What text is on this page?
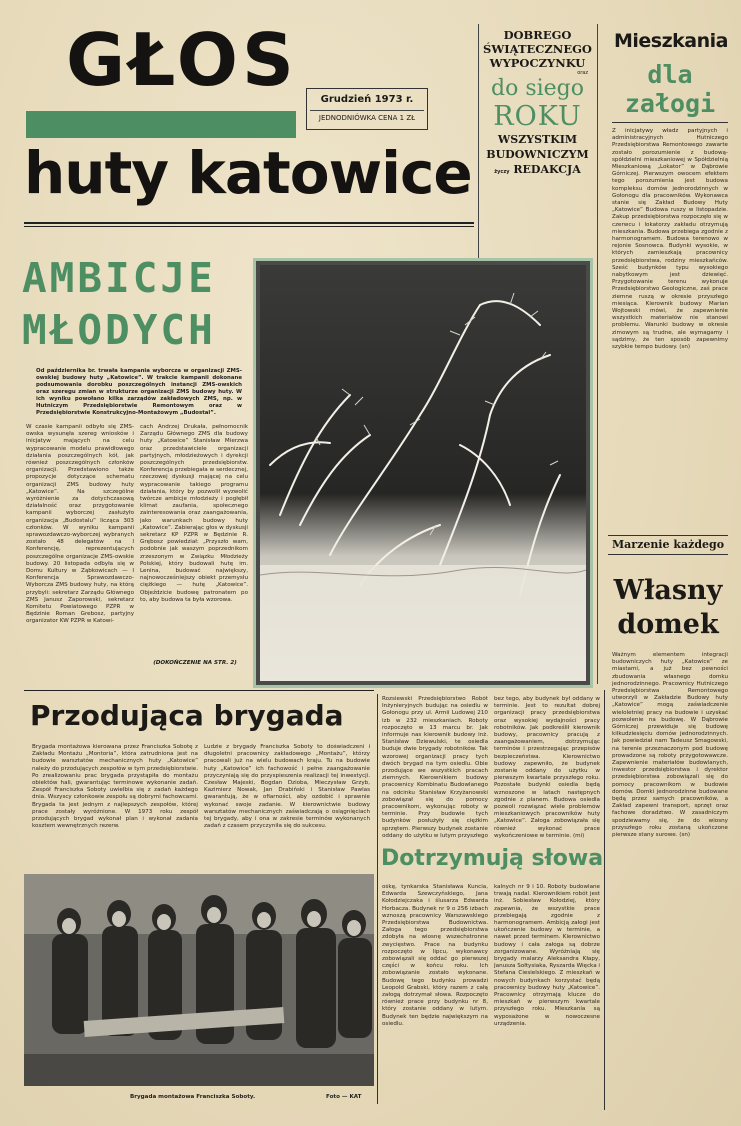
GŁOS	Grudzień 1973 r.
JEDNODNIÓWKA CENA 1 ZŁ
huty katowice
DOBREGO
ŚWIĄTECZNEGO
WYPOCZYNKU
oraz
do siego
ROKU
WSZYSTKIM
BUDOWNICZYM
życzy REDAKCJA
Mieszkania
dla
załogi
Z inicjatywy władz partyjnych i administracyjnych Hutniczego Przedsiębiorstwa Remontowego zawarte zostało porozumienie z budową-spółdzielni mieszkaniowej w Spółdzielnią Mieszkaniową „Lokator” w Dąbrowie Górniczej. Pierwszym owocem efektem tego porozumienia jest budowa kompleksu domów jednorodzinnych w Gołonogu dla pracowników. Wykonawca stanie się Zakład Budowy Huty „Katowice” Budowa ruszy w listopadzie. Zakup przedsiębiorstwa rozpoczęło się w czerwcu i lokatorzy zakładu otrzymują mieszkania. Budowa przebiega zgodnie z harmonogramem. Budowa terenowo w rejonie Sosnowca. Budynki wysokie, w których zamieszkają pracownicy przedsiębiorstwa, rodziny mieszkańców. Sześć budynków typu wysokiego nabytkowym jest dziewięć. Przygotowanie terenu wykonuje Przedsiębiorstwo Geologiczne, zaś prace ziemne ruszą w okresie przyszłego miesiąca. Kierownik budowy Marian Wojtowski mówi, że zapewnienie wszystkich materiałów nie stanowi problemu. Warunki budowy w okresie zimowym są trudne, ale wymagamy i sądzimy, że ten sposób zapewnimy szybkie tempo budowy. (sn)
Marzenie każdego
Własny
domek
Ważnym elementem integracji budowniczych huty „Katowice” ze miastami, a już bez pewności zbudowania własnego domku jednorodzinnego. Pracownicy Hutniczego Przedsiębiorstwa Remontowego utworzyli w Zakładzie Budowy huty „Katowice” mogą zaświadczenie wieloletniej pracy na budowie i uzyskać pozwolenie na budowę. W Dąbrowie Górniczej przewiduje się budowę kilkudziesięciu domów jednorodzinnych. Jak powiedział nam Tadeusz Smagowski, na terenie przeznaczonym pod budowę prowadzone są roboty przygotowawcze. Zapewnienie materiałów budowlanych, inwestor przedsiębiorstwa i dyrektor przedsiębiorstwa zobowiązali się do pomocy pracownikom w budowie domów. Domki jednorodzinne budowane będą przez samych pracowników, a Zakład zapewni transport, sprzęt oraz fachowe doradztwo. W zasadniczym spodziewamy się, że do wiosny przyszłego roku zostaną ukończone pierwsze stany surowe. (sn)
AMBICJE
MŁODYCH
Od października br. trwała kampania wyborcza w organizacji ZMS-owskiej budowy huty „Katowice”. W trakcie kampanii dokonane podsumowania dorobku poszczególnych instancji ZMS-owskich oraz szeregu zmian w strukturze organizacji ZMS budowy huty. W ich wyniku powołano kilka zarządów zakładowych ZMS, np. w Hutniczym Przedsiębiorstwie Remontowym oraz w Przedsiębiorstwie Konstrukcyjno-Montażowym „Budostal”.
W czasie kampanii odbyło się ZMS-owska wysunęła szereg wniosków i inicjatyw mających na celu wypracowanie modelu prawidłowego działania poszczególnych kół, jak również poszczególnych członków organizacji. Przedstawiono także propozycje dotyczące schematu organizacji ZMS budowy huty „Katowice”. Na szczególne wyróżnienie za dotychczasową działalność oraz przygotowanie kampanii wyborczej zasłużyło organizacja „Budostalu” licząca 303 członków. W wyniku kampanii sprawozdawczo-wyborczej wybranych zostało 48 delegatów na I Konferencję, reprezentujących poszczególne organizacje ZMS-owskie budowy. 20 listopada odbyła się w Domu Kultury w Ząbkowicach — I Konferencja Sprawozdawczo-Wyborcza ZMS budowy huty, na którą przybyli: sekretarz Zarządu Głównego ZMS Janusz Zaporowski, sekretarz Komitetu Powiatowego PZPR w Będzinie Roman Grebosz, partyjny organizator KW PZPR w Katowi-
cach Andrzej Drukała, pełnomocnik Zarządu Głównego ZMS dla budowy huty „Katowice” Stanisław Mierzwa oraz przedstawiciele organizacji partyjnych, młodzieżowych i dyrekcji poszczególnych przedsiębiorstw. Konferencja przebiegała w serdecznej, rzeczowej dyskusji mającej na celu wypracowanie takiego programu działania, który by pozwolił wyzwolić twórcze ambicje młodzieży i pogłębił klimat zaufania, społecznego zainteresowania oraz zaangażowania, jako warunkach budowy huty „Katowice”. Zabierając głos w dyskusji sekretarz KP PZPR w Będzinie R. Grębosz powiedział: „Przyszło wam, podobnie jak waszym poprzednikom zrzeszonym w Związku Młodzieży Polskiej, który budowali hutę im. Lenina, budować największy, najnowocześniejszy obiekt przemysłu ciężkiego — hutę „Katowice”. Objeździcie budowę patronatem po to, aby budowa ta była wzorowa.
(DOKOŃCZENIE NA STR. 2)
Przodująca brygada
Brygada montażowa kierowana przez Franciszka Sobotę z Zakładu Montażu „Montoria”, która zatrudniona jest na budowie warsztatów mechanicznych huty „Katowice” należy do przodujących zespołów w tym przedsiębiorstwie. Po zrealizowaniu prac brygada przystąpiła do montażu obiektów hali, gwarantując terminowe wykonanie zadań. Zespół Franciszka Soboty uwielbia się z zadań każdego dnia. Wszyscy członkowie zespołu są dobrymi fachowcami. Brygada ta jest jednym z najlepszych zespołów, której prace zostały wyróżnione. W 1973 roku zespół przodujących brygad wykonał plan i wykonał zadania kosztem wewnętrznych rezerw.
Ludzie z brygady Franciszka Soboty to doświadczeni i długoletni pracownicy zakładowego „Montażu”, którzy pracowali już na wielu budowach kraju. Tu na budowie huty „Katowice” ich fachowość i pełne zaangażowanie przyczyniają się do przyspieszenia realizacji tej inwestycji. Czesław Majeski, Bogdan Dzioba, Mieczysław Grzyb, Kazimierz Nowak, Jan Drabiński i Stanisław Pawlas gwarantują, że w ofiarności, aby ozdobić i sprawnie wykonać swoje zadanie. W kierownictwie budowy warsztatów mechanicznych zaświadczają o osiągnięciach tej brygady, aby i ona w zakresie terminów wykonanych zadań z czasem przyczyniła się do sukcesu.
Brygada montażowa Franciszka Soboty.	Foto — KAT
Rozsiewski Przedsiębiorstwo Robót Inżynieryjnych budując na osiedlu w Gołonogu przy ul. Armii Ludowej 210 izb w 232 mieszkaniach. Roboty rozpoczęto w 13 marcu br. Jak informuje nas kierownik budowy inż. Stanisław Dziewulski, te osiedla buduje dwie brygady robotników. Tak wzorowej organizacji pracy tych dwóch brygad na tym osiedlu. Obie przodujące we wszystkich pracach ziemnych. Kierownikiem budowy pracownicy Kombinatu Budowlanego na odcinku Stanisław Krzyżanowski zobowiązał się do pomocy pracownikom, wykonując roboty w terminie. Przy budowie tych budynków posłużyły się ciężkim sprzętem. Pierwszy budynek zostanie oddany do użytku w lutym przyszłego
bez tego, aby budynek był oddany w terminie. Jest to rezultat dobrej organizacji pracy przedsiębiorstwa oraz wysokiej wydajności pracy robotników. Jak podkreślił kierownik budowy, pracownicy pracują z zaangażowaniem, dotrzymując terminów i przestrzegając przepisów bezpieczeństwa. Kierownictwo budowy zapewniło, że budynek zostanie oddany do użytku w pierwszym kwartale przyszłego roku. Pozostałe budynki osiedla będą wznoszone w latach następnych zgodnie z planem. Budowa osiedla pozwoli rozwiązać wiele problemów mieszkaniowych pracowników huty „Katowice”. Załoga zobowiązała się również wykonać prace wykończeniowe w terminie. (mi)
Dotrzymują słowa
ośkę, tynkarska Stanisława Kuncia, Edwarda Szewczyńskiego, Jana Kołodziejczaka i ślusarza Edwarda Horbacza. Budynek nr 9 o 256 izbach wznoszą pracownicy Warszawskiego Przedsiębiorstwa Budownictwa. Załoga tego przedsiębiorstwa zdobyła na wiosnę wszechstronne zwycięstwo. Prace na budynku rozpoczęto w lipcu, wykonawcy zobowiązali się oddać go pierwszej części w końcu roku. Ich zobowiązanie zostało wykonane. Budowę tego budynku prowadzi Leopold Grabski, który razem z całą załogą dotrzymał słowa. Rozpoczęto również prace przy budynku nr 8, który zostanie oddany w lutym. Budynek ten będzie największym na osiedlu.
kalnych nr 9 i 10. Roboty budowlane trwają nadal. Kierownikiem robót jest inż. Sobiesław Kołodziej, który zapewnia, że wszystkie prace przebiegają zgodnie z harmonogramem. Ambicją załogi jest ukończenie budowy w terminie, a nawet przed terminem. Kierownictwo budowy i cała załoga są dobrze zorganizowane. Wyróżniają się brygady malarzy Aleksandra Kłapy, Janusza Sołtysiaka, Ryszarda Więcka i Stefana Ciesielskiego. Z mieszkań w nowych budynkach korzystać będą pracownicy budowy huty „Katowice”. Pracownicy otrzymają klucze do mieszkań w pierwszym kwartale przyszłego roku. Mieszkania są wyposażone w nowoczesne urządzenia.
